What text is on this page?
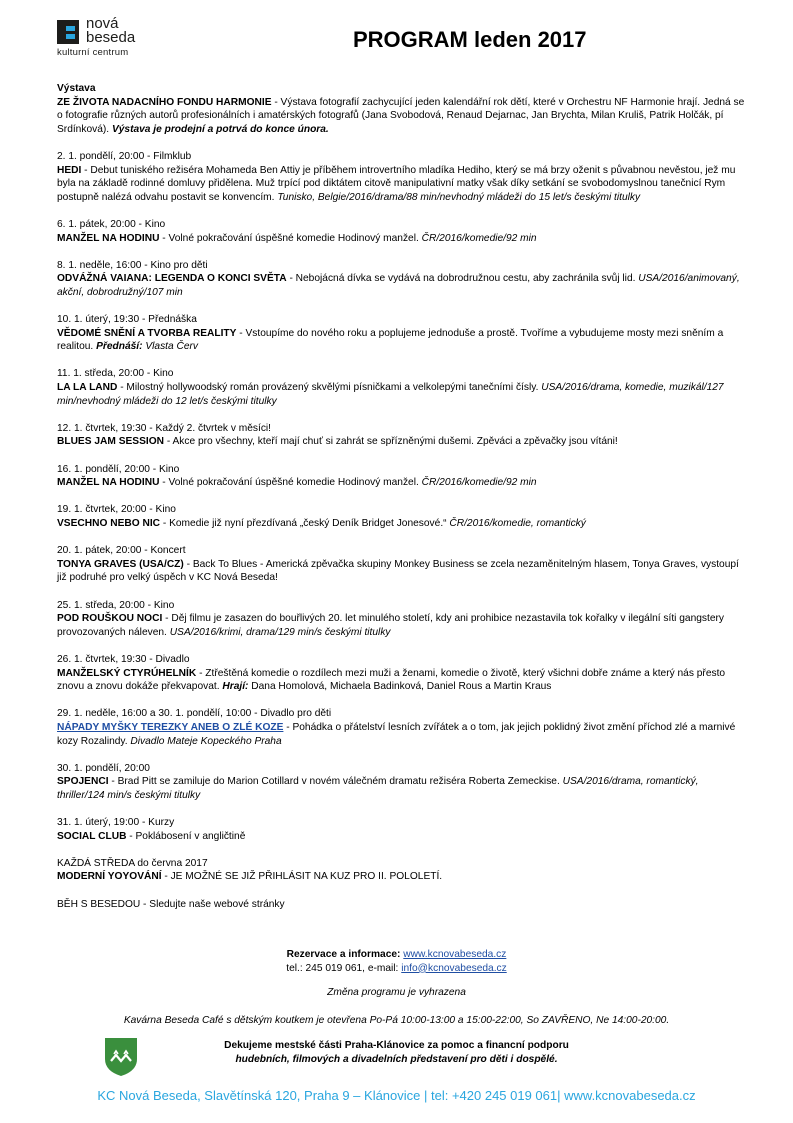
nová
beseda
kulturní centrum
PROGRAM leden 2017

Výstava

ZE ŽIVOTA NADACNÍHO FONDU HARMONIE - Výstava fotografií zachycující jeden kalendářní rok dětí, které v Orchestru NF Harmonie hrají. Jedná se o fotografie různých autorů profesionálních i amatérských fotografů (Jana Svobodová, Renaud Dejarnac, Jan Brychta, Milan Kruliš, Patrik Holčák, pí Srdínková). Výstava je prodejní a potrvá do konce února.

2. 1. pondělí, 20:00 - Filmklub

HEDI - Debut tuniského režiséra Mohameda Ben Attiy je příběhem introvertního mladíka Hediho, který se má brzy oženit s půvabnou nevěstou, jež mu byla na základě rodinné domluvy přidělena. Muž trpící pod diktátem citově manipulativní matky však díky setkání se svobodomyslnou tanečnicí Rym postupně nalézá odvahu postavit se konvencím. Tunisko, Belgie/2016/drama/88 min/nevhodný mládeži do 15 let/s českými titulky

6. 1. pátek, 20:00 - Kino

MANŽEL NA HODINU - Volné pokračování úspěšné komedie Hodinový manžel. ČR/2016/komedie/92 min

8. 1. neděle, 16:00 - Kino pro děti

ODVÁŽNÁ VAIANA: LEGENDA O KONCI SVĚTA - Nebojácná dívka se vydává na dobrodružnou cestu, aby zachránila svůj lid. USA/2016/animovaný, akční, dobrodružný/107 min

10. 1. úterý, 19:30 - Přednáška

VĚDOMÉ SNĚNÍ A TVORBA REALITY - Vstoupíme do nového roku a poplujeme jednoduše a prostě. Tvoříme a vybudujeme mosty mezi sněním a realitou. Přednáší: Vlasta Červ

11. 1. středa, 20:00 - Kino

LA LA LAND - Milostný hollywoodský román provázený skvělými písničkami a velkolepými tanečními čísly. USA/2016/drama, komedie, muzikál/127 min/nevhodný mládeži do 12 let/s českými titulky

12. 1. čtvrtek, 19:30 - Každý 2. čtvrtek v měsíci!

BLUES JAM SESSION - Akce pro všechny, kteří mají chuť si zahrát se spřízněnými dušemi. Zpěváci a zpěvačky jsou vítáni!

16. 1. pondělí, 20:00 - Kino

MANŽEL NA HODINU - Volné pokračování úspěšné komedie Hodinový manžel. ČR/2016/komedie/92 min

19. 1. čtvrtek, 20:00 - Kino

VSECHNO NEBO NIC - Komedie již nyní přezdívaná „český Deník Bridget Jonesové.“ ČR/2016/komedie, romantický

20. 1. pátek, 20:00 - Koncert

TONYA GRAVES (USA/CZ) - Back To Blues - Americká zpěvačka skupiny Monkey Business se zcela nezaměnitelným hlasem, Tonya Graves, vystoupí již podruhé pro velký úspěch v KC Nová Beseda!

25. 1. středa, 20:00 - Kino

POD ROUŠKOU NOCI - Děj filmu je zasazen do bouřlivých 20. let minulého století, kdy ani prohibice nezastavila tok kořalky v ilegální síti gangstery provozovaných náleven. USA/2016/krimi, drama/129 min/s českými titulky

26. 1. čtvrtek, 19:30 - Divadlo

MANŽELSKÝ CTYRÚHELNÍK - Ztřeštěná komedie o rozdílech mezi muži a ženami, komedie o životě, který všichni dobře známe a který nás přesto znovu a znovu dokáže překvapovat. Hrají: Dana Homolová, Michaela Badinková, Daniel Rous a Martin Kraus

29. 1. neděle, 16:00 a 30. 1. pondělí, 10:00 - Divadlo pro děti

NÁPADY MYŠKY TEREZKY ANEB O ZLÉ KOZE - Pohádka o přátelství lesních zvířátek a o tom, jak jejich poklidný život změní příchod zlé a marnivé kozy Rozalindy. Divadlo Mateje Kopeckého Praha

30. 1. pondělí, 20:00

SPOJENCI - Brad Pitt se zamiluje do Marion Cotillard v novém válečném dramatu režiséra Roberta Zemeckise. USA/2016/drama, romantický, thriller/124 min/s českými titulky

31. 1. úterý, 19:00 - Kurzy

SOCIAL CLUB - Poklábosení v angličtině

KAŽDÁ STŘEDA do června 2017

MODERNÍ YOYOVÁNÍ - JE MOŽNÉ SE JIŽ PŘIHLÁSIT NA KUZ PRO II. POLOLETÍ.

BĚH S BESEDOU - Sledujte naše webové stránky

Rezervace a informace: www.kcnovabeseda.cz
tel.: 245 019 061, e-mail: info@kcnovabeseda.cz
Změna programu je vyhrazena
Kavárna Beseda Café s dětským koutkem je otevřena Po-Pá 10:00-13:00 a 15:00-22:00, So ZAVŘENO, Ne 14:00-20:00.
Dekujeme mestské části Praha-Klánovice za pomoc a financní podporu
hudebních, filmových a divadelních představení pro děti i dospělé.
KC Nová Beseda, Slavětínská 120, Praha 9 – Klánovice | tel: +420 245 019 061| www.kcnovabeseda.cz
